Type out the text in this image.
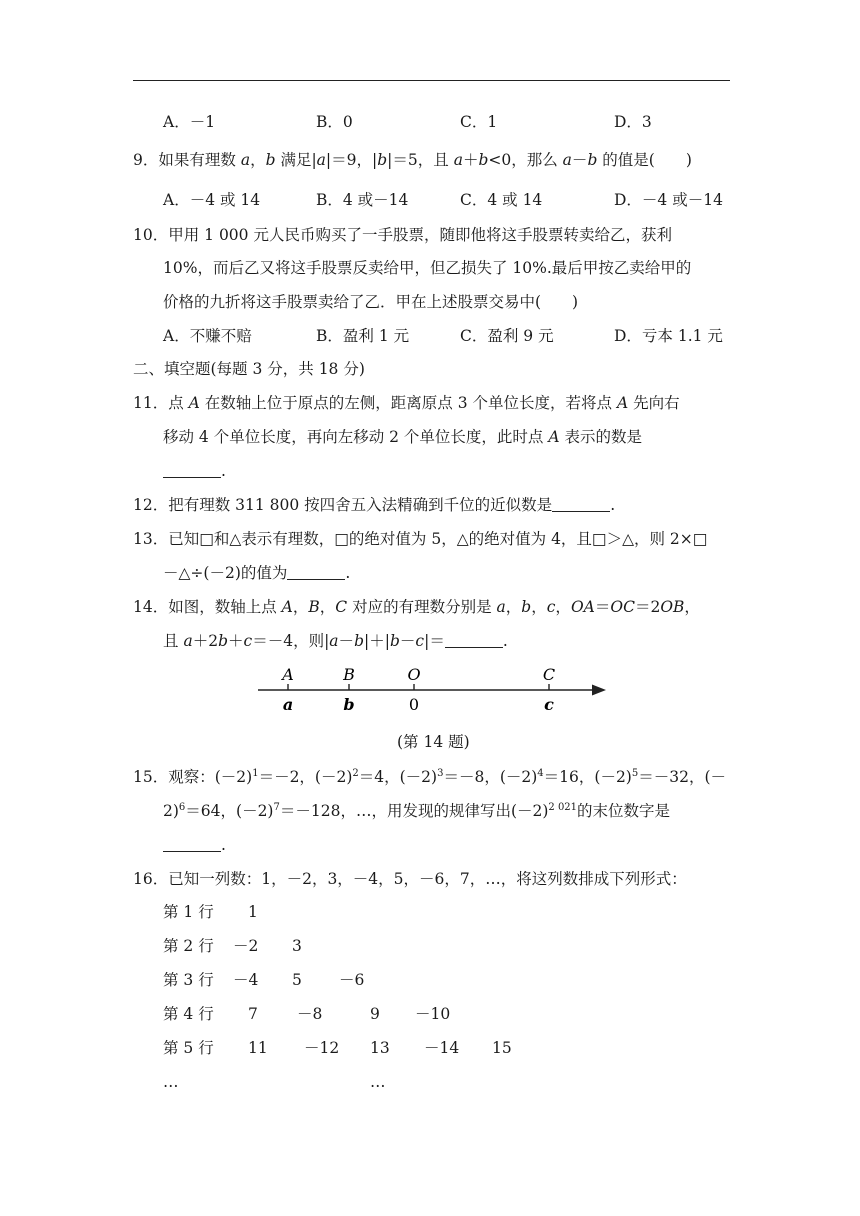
A．－1	B．0	C．1	D．3
9．如果有理数 a，b 满足|a|＝9，|b|＝5，且 a＋b<0，那么 a－b 的值是(　　)
A．－4 或 14	B．4 或－14	C．4 或 14	D．－4 或－14
10．甲用 1 000 元人民币购买了一手股票，随即他将这手股票转卖给乙，获利
10%，而后乙又将这手股票反卖给甲，但乙损失了 10%.最后甲按乙卖给甲的
价格的九折将这手股票卖给了乙．甲在上述股票交易中(　　)
A．不赚不赔	B．盈利 1 元	C．盈利 9 元	D．亏本 1.1 元
二、填空题(每题 3 分，共 18 分)
11．点 A 在数轴上位于原点的左侧，距离原点 3 个单位长度，若将点 A 先向右
移动 4 个单位长度，再向左移动 2 个单位长度，此时点 A 表示的数是
.
12．把有理数 311 800 按四舍五入法精确到千位的近似数是	.
13．已知□和△表示有理数，□的绝对值为 5，△的绝对值为 4，且□＞△，则 2×□
－△÷(－2)的值为	.
14．如图，数轴上点 A，B，C 对应的有理数分别是 a，b，c，OA＝OC＝2OB，
且 a＋2b＋c＝－4，则|a－b|＋|b－c|＝	.
A	B	O	C
a	b	0	c
(第 14 题)
15．观察：$(-2)^1=-2$，$(-2)^2=4$，$(-2)^3=-8$，$(-2)^4=16$，$(-2)^5=-32$，(－
2)$^6$＝64，$(-2)^7=-128$，…，用发现的规律写出$(-2)^{2 021}$的末位数字是
.
16．已知一列数：1，－2，3，－4，5，－6，7，…，将这列数排成下列形式：
第 1 行 1
第 2 行 －2 3
第 3 行 －4 5 －6
第 4 行 7	－8	9 －10
第 5 行 11 －12 13 －14 15
…	…
